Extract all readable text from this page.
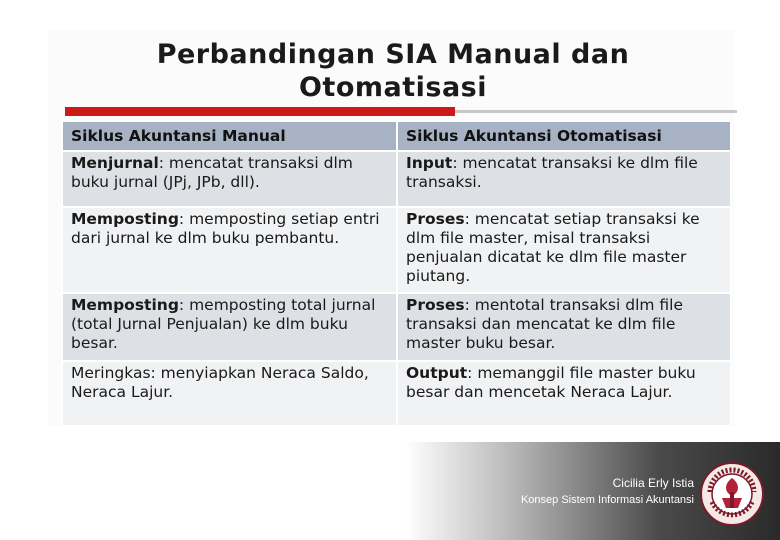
Perbandingan SIA Manual dan
Otomatisasi
Siklus Akuntansi Manual	Siklus Akuntansi Otomatisasi
Menjurnal: mencatat transaksi dlm buku jurnal (JPj, JPb, dll).	Input: mencatat transaksi ke dlm file transaksi.
Memposting: memposting setiap entri dari jurnal ke dlm buku pembantu.	Proses: mencatat setiap transaksi ke dlm file master, misal transaksi penjualan dicatat ke dlm file master piutang.
Memposting: memposting total jurnal (total Jurnal Penjualan) ke dlm buku besar.	Proses: mentotal transaksi dlm file transaksi dan mencatat ke dlm file master buku besar.
Meringkas: menyiapkan Neraca Saldo, Neraca Lajur.	Output: memanggil file master buku besar dan mencetak Neraca Lajur.
Cicilia Erly Istia
Konsep Sistem Informasi Akuntansi
